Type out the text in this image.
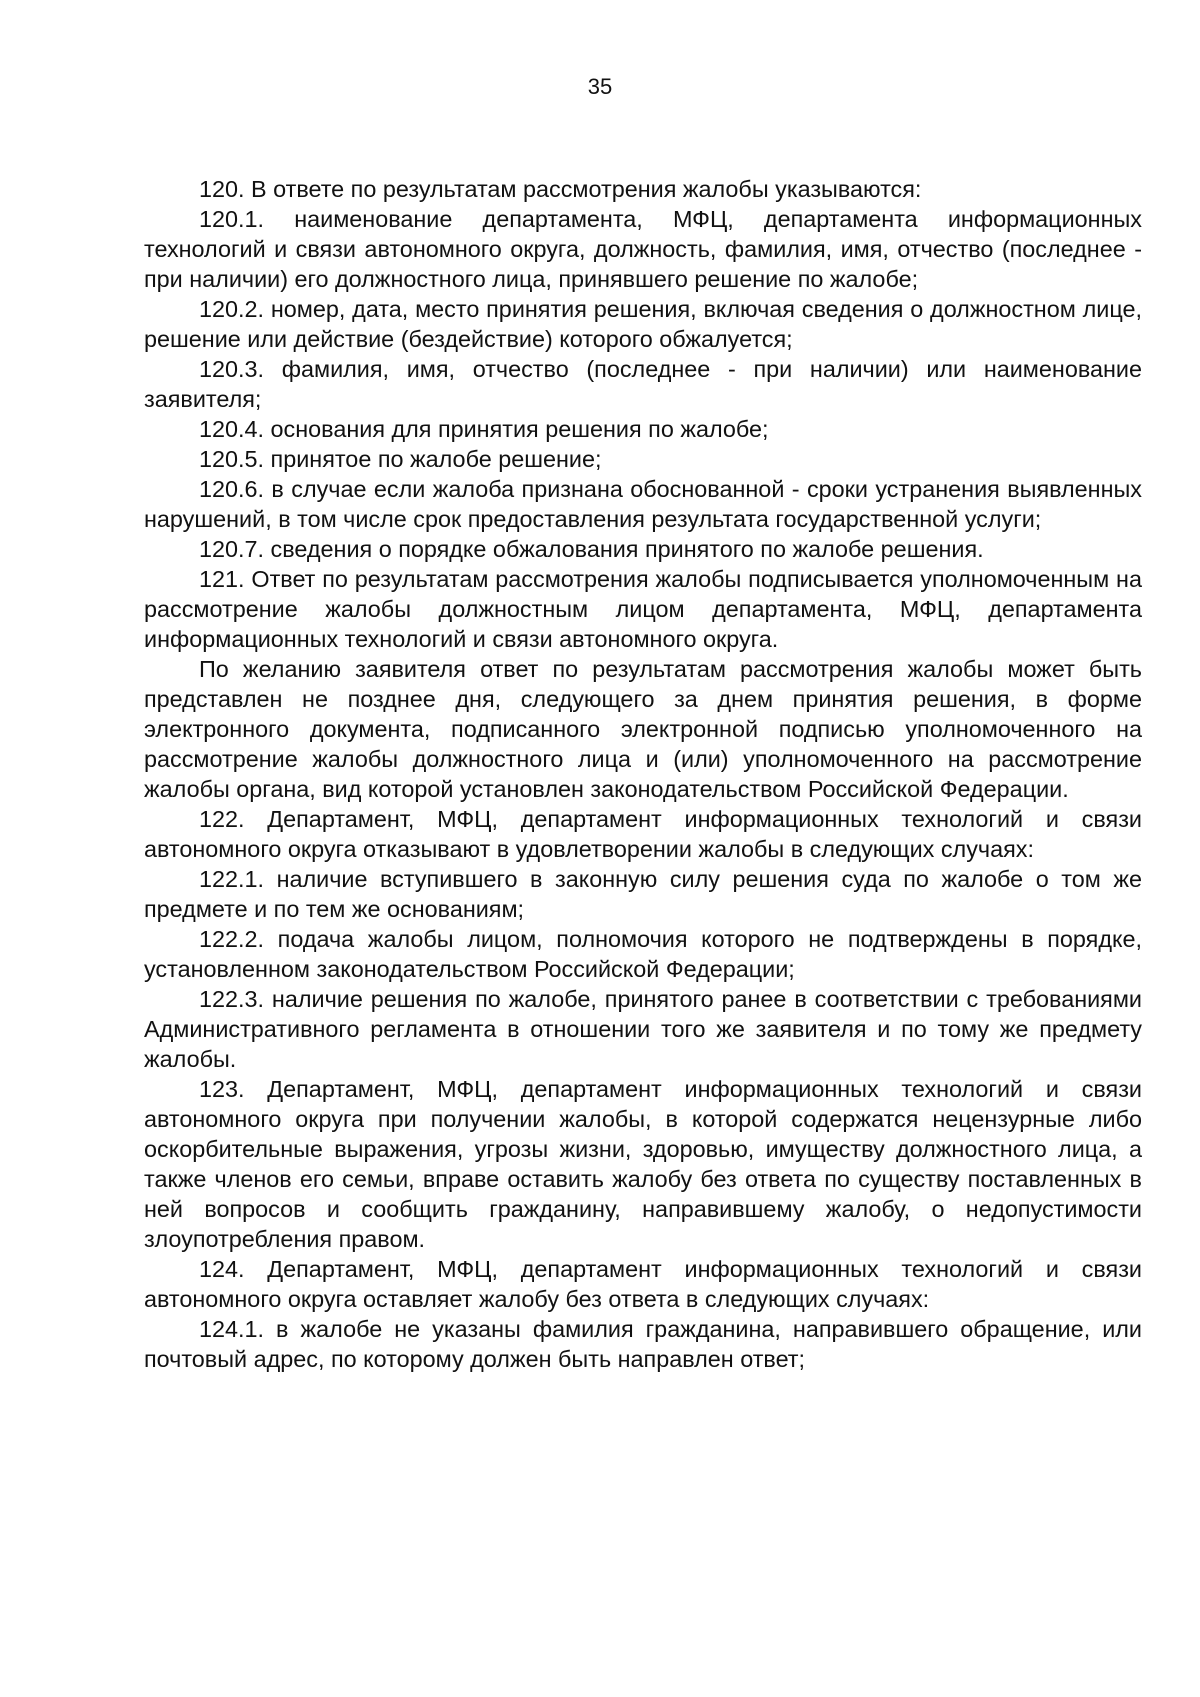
35

120. В ответе по результатам рассмотрения жалобы указываются:

120.1. наименование департамента, МФЦ, департамента информационных технологий и связи автономного округа, должность, фамилия, имя, отчество (последнее - при наличии) его должностного лица, принявшего решение по жалобе;

120.2. номер, дата, место принятия решения, включая сведения о должностном лице, решение или действие (бездействие) которого обжалуется;

120.3. фамилия, имя, отчество (последнее - при наличии) или наименование заявителя;

120.4. основания для принятия решения по жалобе;

120.5. принятое по жалобе решение;

120.6. в случае если жалоба признана обоснованной - сроки устранения выявленных нарушений, в том числе срок предоставления результата государственной услуги;

120.7. сведения о порядке обжалования принятого по жалобе решения.

121. Ответ по результатам рассмотрения жалобы подписывается уполномоченным на рассмотрение жалобы должностным лицом департамента, МФЦ, департамента информационных технологий и связи автономного округа.

По желанию заявителя ответ по результатам рассмотрения жалобы может быть представлен не позднее дня, следующего за днем принятия решения, в форме электронного документа, подписанного электронной подписью уполномоченного на рассмотрение жалобы должностного лица и (или) уполномоченного на рассмотрение жалобы органа, вид которой установлен законодательством Российской Федерации.

122. Департамент, МФЦ, департамент информационных технологий и связи автономного округа отказывают в удовлетворении жалобы в следующих случаях:

122.1. наличие вступившего в законную силу решения суда по жалобе о том же предмете и по тем же основаниям;

122.2. подача жалобы лицом, полномочия которого не подтверждены в порядке, установленном законодательством Российской Федерации;

122.3. наличие решения по жалобе, принятого ранее в соответствии с требованиями Административного регламента в отношении того же заявителя и по тому же предмету жалобы.

123. Департамент, МФЦ, департамент информационных технологий и связи автономного округа при получении жалобы, в которой содержатся нецензурные либо оскорбительные выражения, угрозы жизни, здоровью, имуществу должностного лица, а также членов его семьи, вправе оставить жалобу без ответа по существу поставленных в ней вопросов и сообщить гражданину, направившему жалобу, о недопустимости злоупотребления правом.

124. Департамент, МФЦ, департамент информационных технологий и связи автономного округа оставляет жалобу без ответа в следующих случаях:

124.1. в жалобе не указаны фамилия гражданина, направившего обращение, или почтовый адрес, по которому должен быть направлен ответ;
